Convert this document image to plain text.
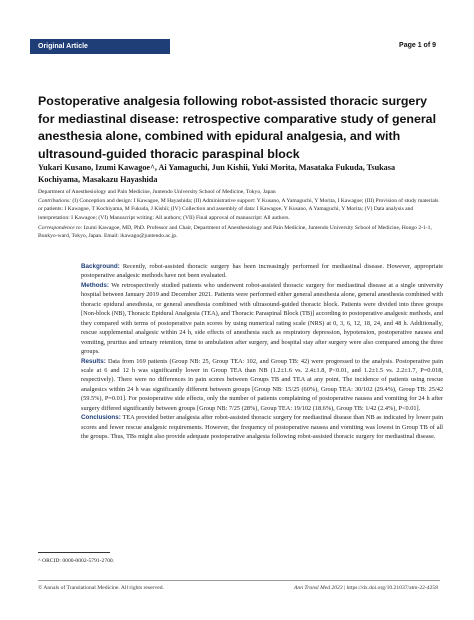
Original Article	Page 1 of 9
Postoperative analgesia following robot-assisted thoracic surgery for mediastinal disease: retrospective comparative study of general anesthesia alone, combined with epidural analgesia, and with ultrasound-guided thoracic paraspinal block
Yukari Kusano, Izumi Kawagoe^, Ai Yamaguchi, Jun Kishii, Yuki Morita, Masataka Fukuda, Tsukasa Kochiyama, Masakazu Hayashida
Department of Anesthesiology and Pain Medicine, Juntendo University School of Medicine, Tokyo, Japan
Contributions: (I) Conception and design: I Kawagoe, M Hayashida; (II) Administrative support: Y Kusano, A Yamaguchi, Y Morita, I Kawagoe; (III) Provision of study materials or patients: I Kawagoe, T Kochiyama, M Fukuda, J Kishii; (IV) Collection and assembly of data: I Kawagoe, Y Kusano, A Yamaguchi, Y Morita; (V) Data analysis and interpretation: I Kawagoe; (VI) Manuscript writing: All authors; (VII) Final approval of manuscript: All authors.
Correspondence to: Izumi Kawagoe, MD, PhD. Professor and Chair, Department of Anesthesiology and Pain Medicine, Juntendo University School of Medicine, Hongo 2-1-1, Bunkyo-ward, Tokyo, Japan. Email: ikawago@juntendo.ac.jp.

Background: Recently, robot-assisted thoracic surgery has been increasingly performed for mediastinal disease. However, appropriate postoperative analgesic methods have not been evaluated.

Methods: We retrospectively studied patients who underwent robot-assisted thoracic surgery for mediastinal disease at a single university hospital between January 2019 and December 2021. Patients were performed either general anesthesia alone, general anesthesia combined with thoracic epidural anesthesia, or general anesthesia combined with ultrasound-guided thoracic block. Patients were divided into three groups [Non-block (NB), Thoracic Epidural Analgesia (TEA), and Thoracic Paraspinal Block (TB)] according to postoperative analgesic methods, and they compared with terms of postoperative pain scores by using numerical rating scale (NRS) at 0, 3, 6, 12, 18, 24, and 48 h. Additionally, rescue supplemental analgesic within 24 h, side effects of anesthesia such as respiratory depression, hypotension, postoperative nausea and vomiting, pruritus and urinary retention, time to ambulation after surgery, and hospital stay after surgery were also compared among the three groups.

Results: Data from 169 patients (Group NB: 25, Group TEA: 102, and Group TB: 42) were progressed to the analysis. Postoperative pain scale at 6 and 12 h was significantly lower in Group TEA than NB (1.2±1.6 vs. 2.4±1.8, P<0.01, and 1.2±1.5 vs. 2.2±1.7, P=0.018, respectively). There were no differences in pain scores between Groups TB and TEA at any point. The incidence of patients using rescue analgesics within 24 h was significantly different between groups [Group NB: 15/25 (60%), Group TEA: 30/102 (29.4%), Group TB: 25/42 (59.5%), P=0.01]. For postoperative side effects, only the number of patients complaining of postoperative nausea and vomiting for 24 h after surgery differed significantly between groups [Group NB: 7/25 (28%), Group TEA: 19/102 (18.6%), Group TB: 1/42 (2.4%), P<0.01].

Conclusions: TEA provided better analgesia after robot-assisted thoracic surgery for mediastinal disease than NB as indicated by lower pain scores and fewer rescue analgesic requirements. However, the frequency of postoperative nausea and vomiting was lowest in Group TB of all the groups. Thus, TBs might also provide adequate postoperative analgesia following robot-assisted thoracic surgery for mediastinal disease.

^ ORCID: 0000-0002-5791-2700.
© Annals of Translational Medicine. All rights reserved.	Ann Transl Med 2023 | https://dx.doi.org/10.21037/atm-22-4258
